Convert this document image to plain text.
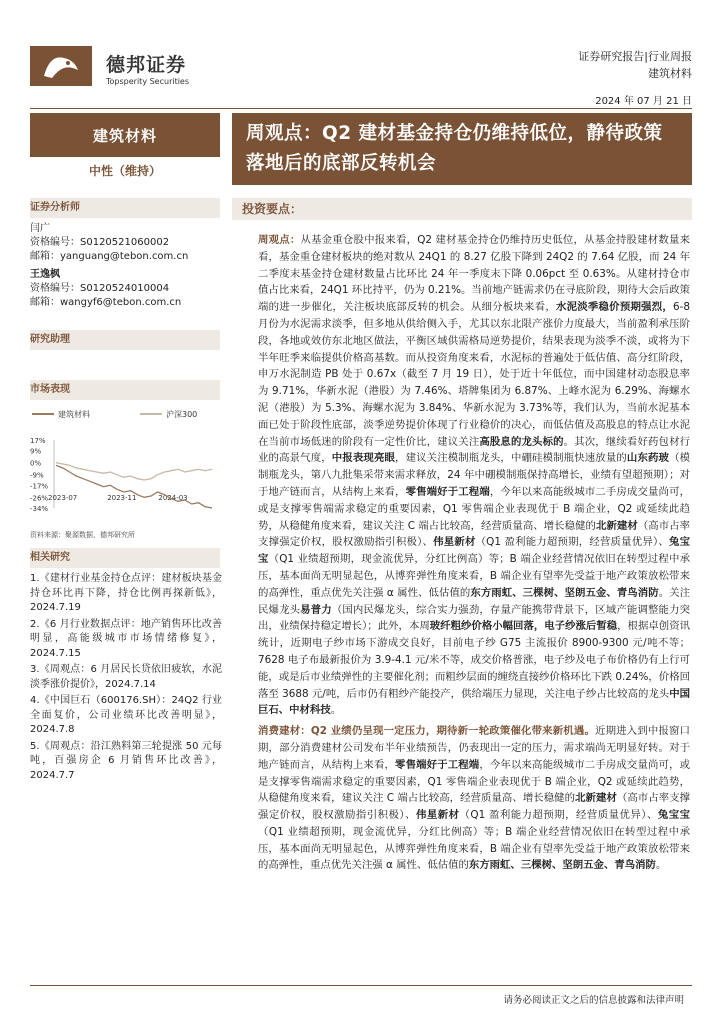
德邦证券
Topsperity Securities
证券研究报告|行业周报
建筑材料
2024 年 07 月 21 日
建筑材料
中性（维持）
证券分析师
闫广
资格编号：S0120521060002
邮箱：yanguang@tebon.com.cn
王逸枫
资格编号：S0120524010004
邮箱：wangyf6@tebon.com.cn
研究助理
市场表现
建筑材料	沪深300
17%
9%
0%
-9%
-17%
-26%
-34%
2023-07	2023-11	2024-03
资料来源：聚源数据，德邦研究所
相关研究
1.《建材行业基金持仓点评：建材板块基金持仓环比再下降，持仓比例再探新低》，2024.7.19
2.《6 月行业数据点评：地产销售环比改善明显，高能级城市市场情绪修复》，2024.7.15
3.《周观点：6 月居民长贷依旧疲软，水泥淡季涨价提价》，2024.7.14
4.《中国巨石（600176.SH）：24Q2 行业全面复价，公司业绩环比改善明显》，2024.7.8
5.《周观点：沿江熟料第三轮提涨 50 元每吨，百强房企 6 月销售环比改善》，2024.7.7
周观点：Q2 建材基金持仓仍维持低位，静待政策落地后的底部反转机会
投资要点：

周观点：从基金重仓股中报来看，Q2 建材基金持仓仍维持历史低位，从基金持股建材数量来看，基金重仓建材板块的绝对数从 24Q1 的 8.27 亿股下降到 24Q2 的 7.64 亿股，而 24 年二季度末基金持仓建材数量占比环比 24 年一季度末下降 0.06pct 至 0.63%。从建材持仓市值占比来看，24Q1 环比持平，仍为 0.21%。当前地产链需求仍在寻底阶段，期待大会后政策端的进一步催化，关注板块底部反转的机会。从细分板块来看，水泥淡季稳价预期强烈，6-8 月份为水泥需求淡季，但多地从供给侧入手，尤其以东北限产涨价力度最大，当前盈利承压阶段，各地或效仿东北地区做法，平衡区域供需格局逆势提价，结果表现为淡季不淡，或将为下半年旺季来临提供价格高基数。而从投资角度来看，水泥标的普遍处于低估值、高分红阶段，申万水泥制造 PB 处于 0.67x（截至 7 月 19 日），处于近十年低位，而中国建材动态股息率为 9.71%，华新水泥（港股）为 7.46%、塔牌集团为 6.87%、上峰水泥为 6.29%、海螺水泥（港股）为 5.3%、海螺水泥为 3.84%、华新水泥为 3.73%等，我们认为，当前水泥基本面已处于阶段性底部，淡季逆势提价体现了行业稳价的决心，而低估值及高股息的特点让水泥在当前市场低迷的阶段有一定性价比，建议关注高股息的龙头标的。其次，继续看好药包材行业的高景气度，中报表现亮眼，建议关注模制瓶龙头，中硼硅模制瓶快速放量的山东药玻（模制瓶龙头，第八九批集采带来需求释放，24 年中硼模制瓶保持高增长，业绩有望超预期）；对于地产链而言，从结构上来看，零售端好于工程端，今年以来高能级城市二手房成交量尚可，或是支撑零售端需求稳定的重要因素，Q1 零售端企业表现优于 B 端企业，Q2 或延续此趋势，从稳健角度来看，建议关注 C 端占比较高，经营质量高、增长稳健的北新建材（高市占率支撑强定价权，股权激励指引积极）、伟星新材（Q1 盈利能力超预期，经营质量优异）、兔宝宝（Q1 业绩超预期，现金流优异，分红比例高）等；B 端企业经营情况依旧在转型过程中承压，基本面尚无明显起色，从博弈弹性角度来看，B 端企业有望率先受益于地产政策放松带来的高弹性，重点优先关注强 α 属性、低估值的东方雨虹、三棵树、坚朗五金、青鸟消防。关注民爆龙头易普力（国内民爆龙头，综合实力强劲，存量产能携带背景下，区域产能调整能力突出，业绩保持稳定增长）；此外，本周玻纤粗纱价格小幅回落，电子纱涨后暂稳，根据卓创资讯统计，近期电子纱市场下游成交良好，目前电子纱 G75 主流报价 8900-9300 元/吨不等；7628 电子布最新报价为 3.9-4.1 元/米不等，成交价格普涨，电子纱及电子布价格仍有上行可能，或是后市业绩弹性的主要催化剂；而粗纱层面的缠绕直接纱价格环比下跌 0.24%，价格回落至 3688 元/吨，后市仍有粗纱产能投产，供给端压力显现，关注电子纱占比较高的龙头中国巨石、中材科技。

消费建材：Q2 业绩仍呈现一定压力，期待新一轮政策催化带来新机遇。近期进入到中报窗口期，部分消费建材公司发布半年业绩预告，仍表现出一定的压力，需求端尚无明显好转。对于地产链而言，从结构上来看，零售端好于工程端，今年以来高能级城市二手房成交量尚可，或是支撑零售端需求稳定的重要因素，Q1 零售端企业表现优于 B 端企业，Q2 或延续此趋势，从稳健角度来看，建议关注 C 端占比较高，经营质量高、增长稳健的北新建材（高市占率支撑强定价权，股权激励指引积极）、伟星新材（Q1 盈利能力超预期，经营质量优异）、兔宝宝（Q1 业绩超预期，现金流优异，分红比例高）等；B 端企业经营情况依旧在转型过程中承压，基本面尚无明显起色，从博弈弹性角度来看，B 端企业有望率先受益于地产政策放松带来的高弹性，重点优先关注强 α 属性、低估值的东方雨虹、三棵树、坚朗五金、青鸟消防。

请务必阅读正文之后的信息披露和法律声明
